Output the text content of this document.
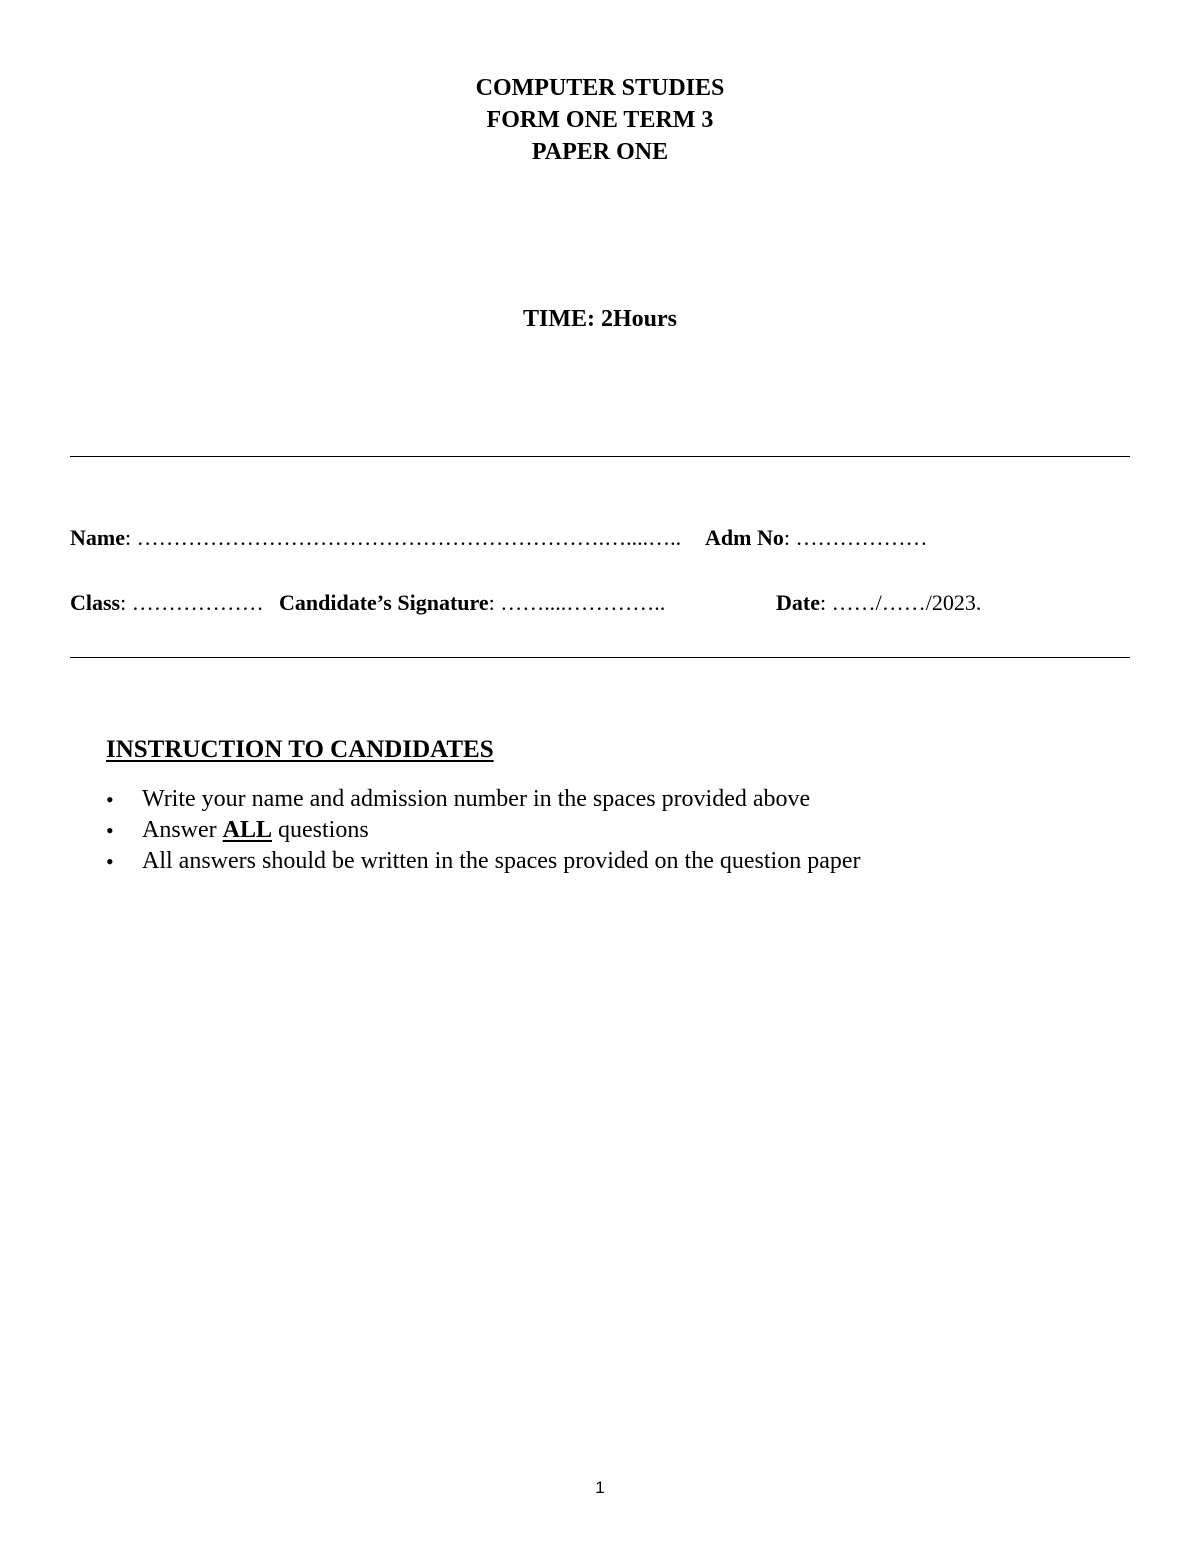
COMPUTER STUDIES
FORM ONE TERM 3
PAPER ONE
TIME: 2Hours
Name: ……………………………………………………….…....….. Adm No: ………………
Class: ……………… Candidate’s Signature: ……....…………..	Date: ……/……/2023.
INSTRUCTION TO CANDIDATES
• Write your name and admission number in the spaces provided above
• Answer ALL questions
• All answers should be written in the spaces provided on the question paper
1
